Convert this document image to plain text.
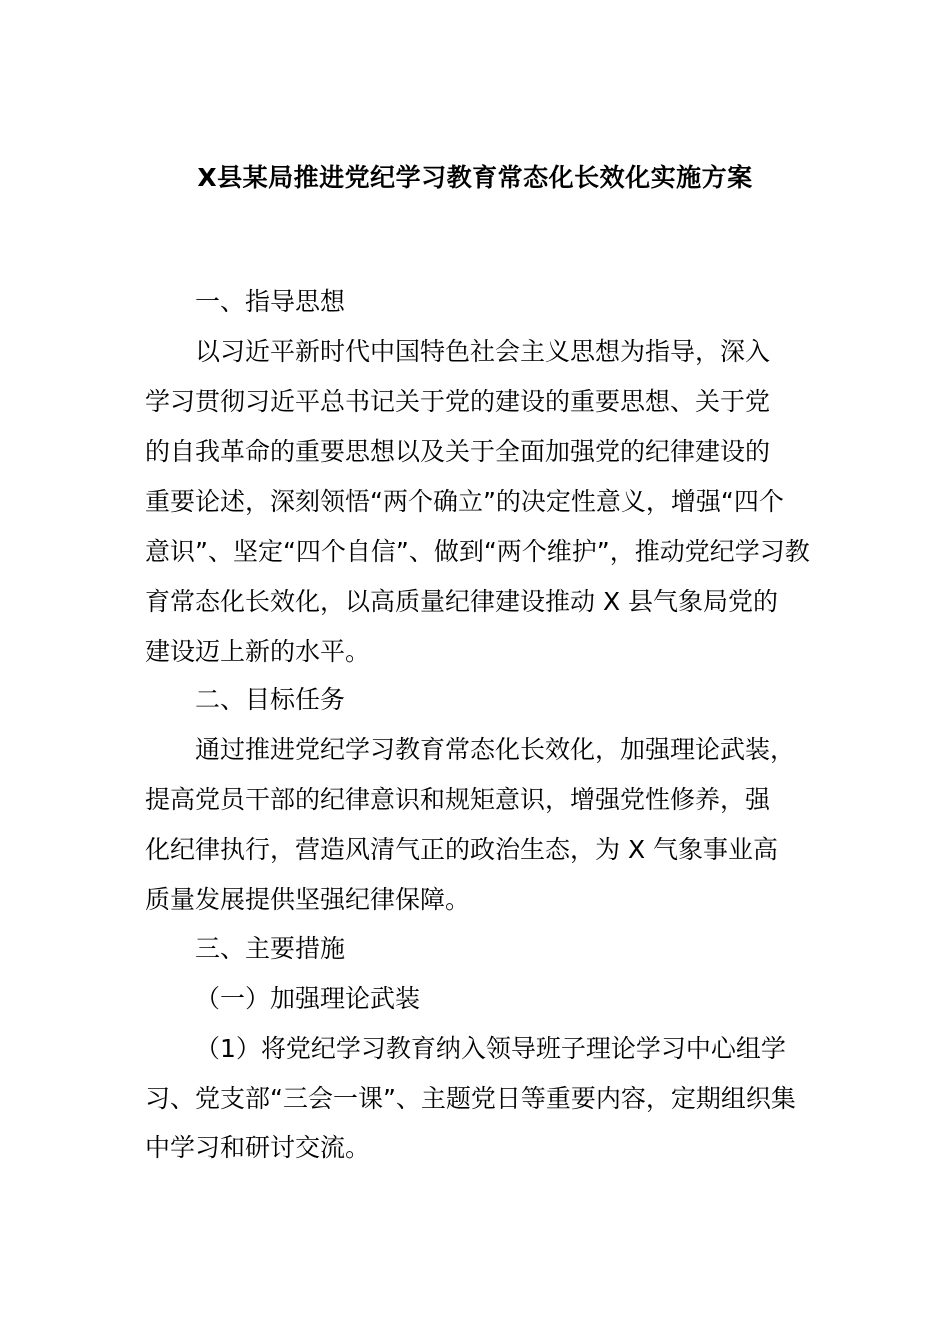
X县某局推进党纪学习教育常态化长效化实施方案
一、指导思想
以习近平新时代中国特色社会主义思想为指导，深入
学习贯彻习近平总书记关于党的建设的重要思想、关于党
的自我革命的重要思想以及关于全面加强党的纪律建设的
重要论述，深刻领悟“两个确立”的决定性意义，增强“四个
意识”、坚定“四个自信”、做到“两个维护”，推动党纪学习教
育常态化长效化，以高质量纪律建设推动 X 县气象局党的
建设迈上新的水平。
二、目标任务
通过推进党纪学习教育常态化长效化，加强理论武装，
提高党员干部的纪律意识和规矩意识，增强党性修养，强
化纪律执行，营造风清气正的政治生态，为 X 气象事业高
质量发展提供坚强纪律保障。
三、主要措施
（一）加强理论武装
（1）将党纪学习教育纳入领导班子理论学习中心组学
习、党支部“三会一课”、主题党日等重要内容，定期组织集
中学习和研讨交流。
